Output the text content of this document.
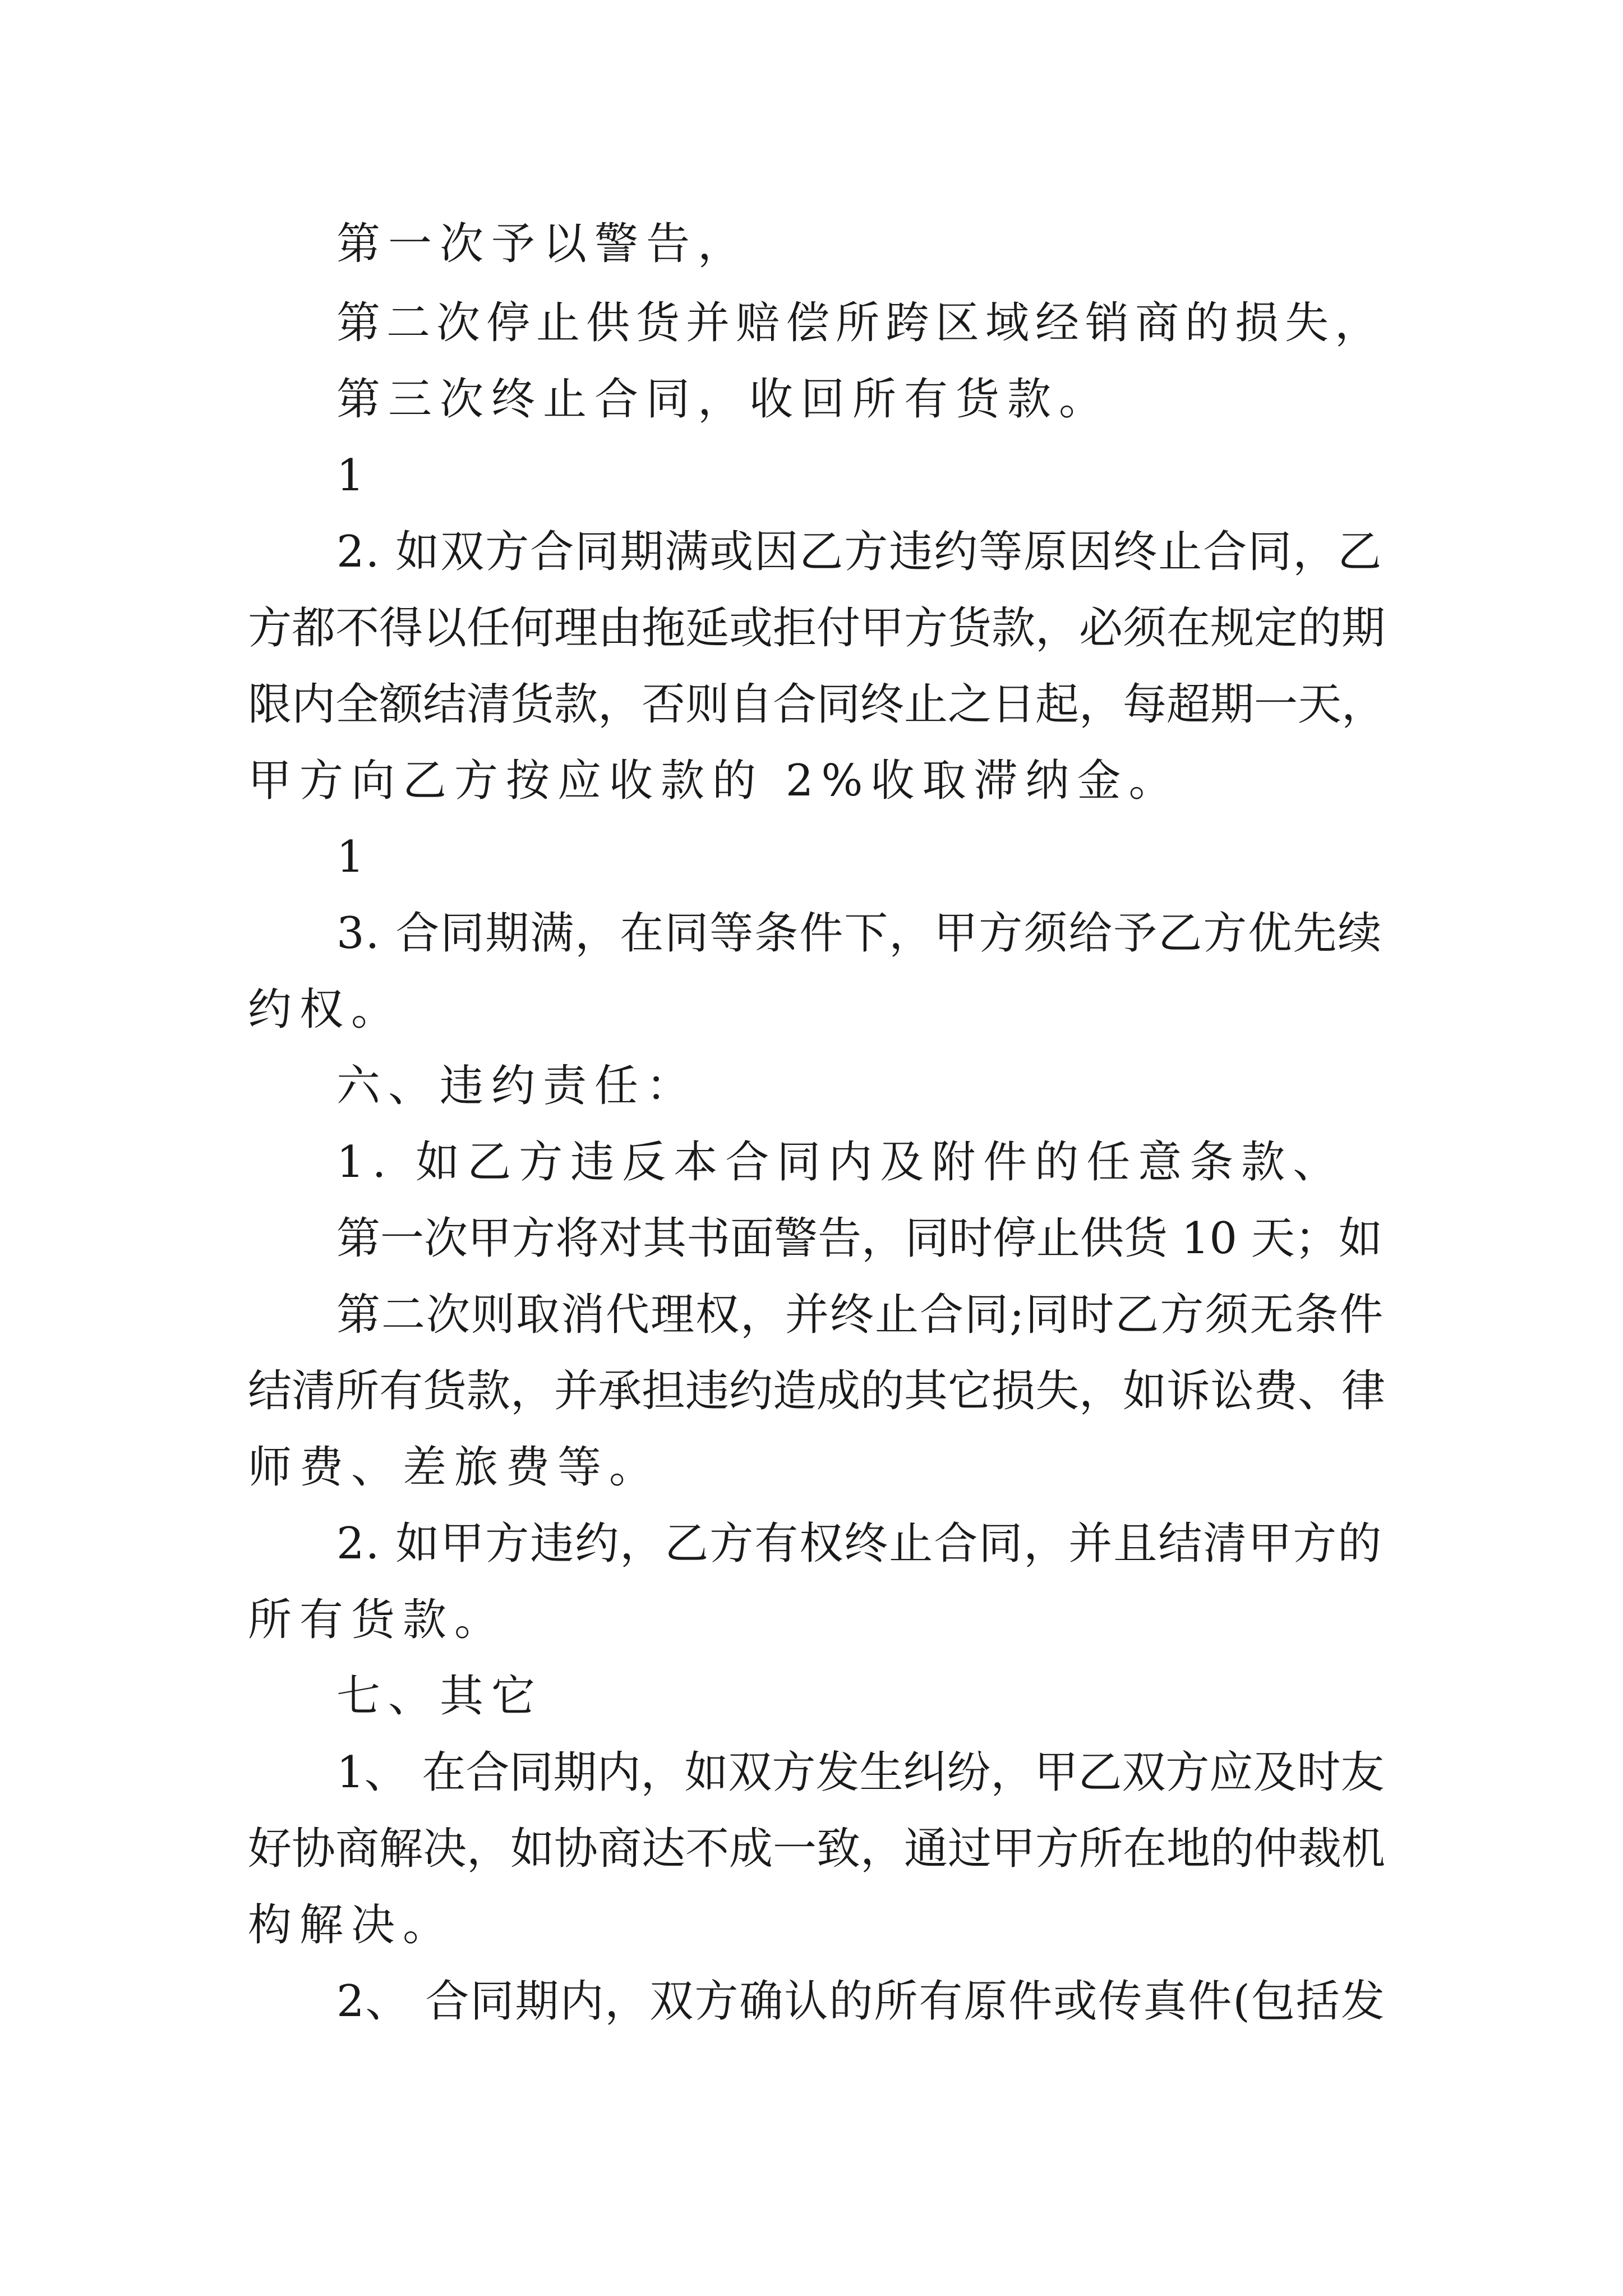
第一次予以警告，
第二次停止供货并赔偿所跨区域经销商的损失，
第三次终止合同，收回所有货款。
1
2. 如双方合同期满或因乙方违约等原因终止合同，乙
方都不得以任何理由拖延或拒付甲方货款，必须在规定的期
限内全额结清货款，否则自合同终止之日起，每超期一天，
甲方向乙方按应收款的 2%收取滞纳金。
1
3. 合同期满，在同等条件下，甲方须给予乙方优先续
约权。
六、违约责任：
1. 如乙方违反本合同内及附件的任意条款、
第一次甲方将对其书面警告，同时停止供货 10 天；如
第二次则取消代理权，并终止合同;同时乙方须无条件
结清所有货款，并承担违约造成的其它损失，如诉讼费、律
师费、差旅费等。
2. 如甲方违约，乙方有权终止合同，并且结清甲方的
所有货款。
七、其它
1、 在合同期内，如双方发生纠纷，甲乙双方应及时友
好协商解决，如协商达不成一致，通过甲方所在地的仲裁机
构解决。
2、 合同期内，双方确认的所有原件或传真件(包括发
